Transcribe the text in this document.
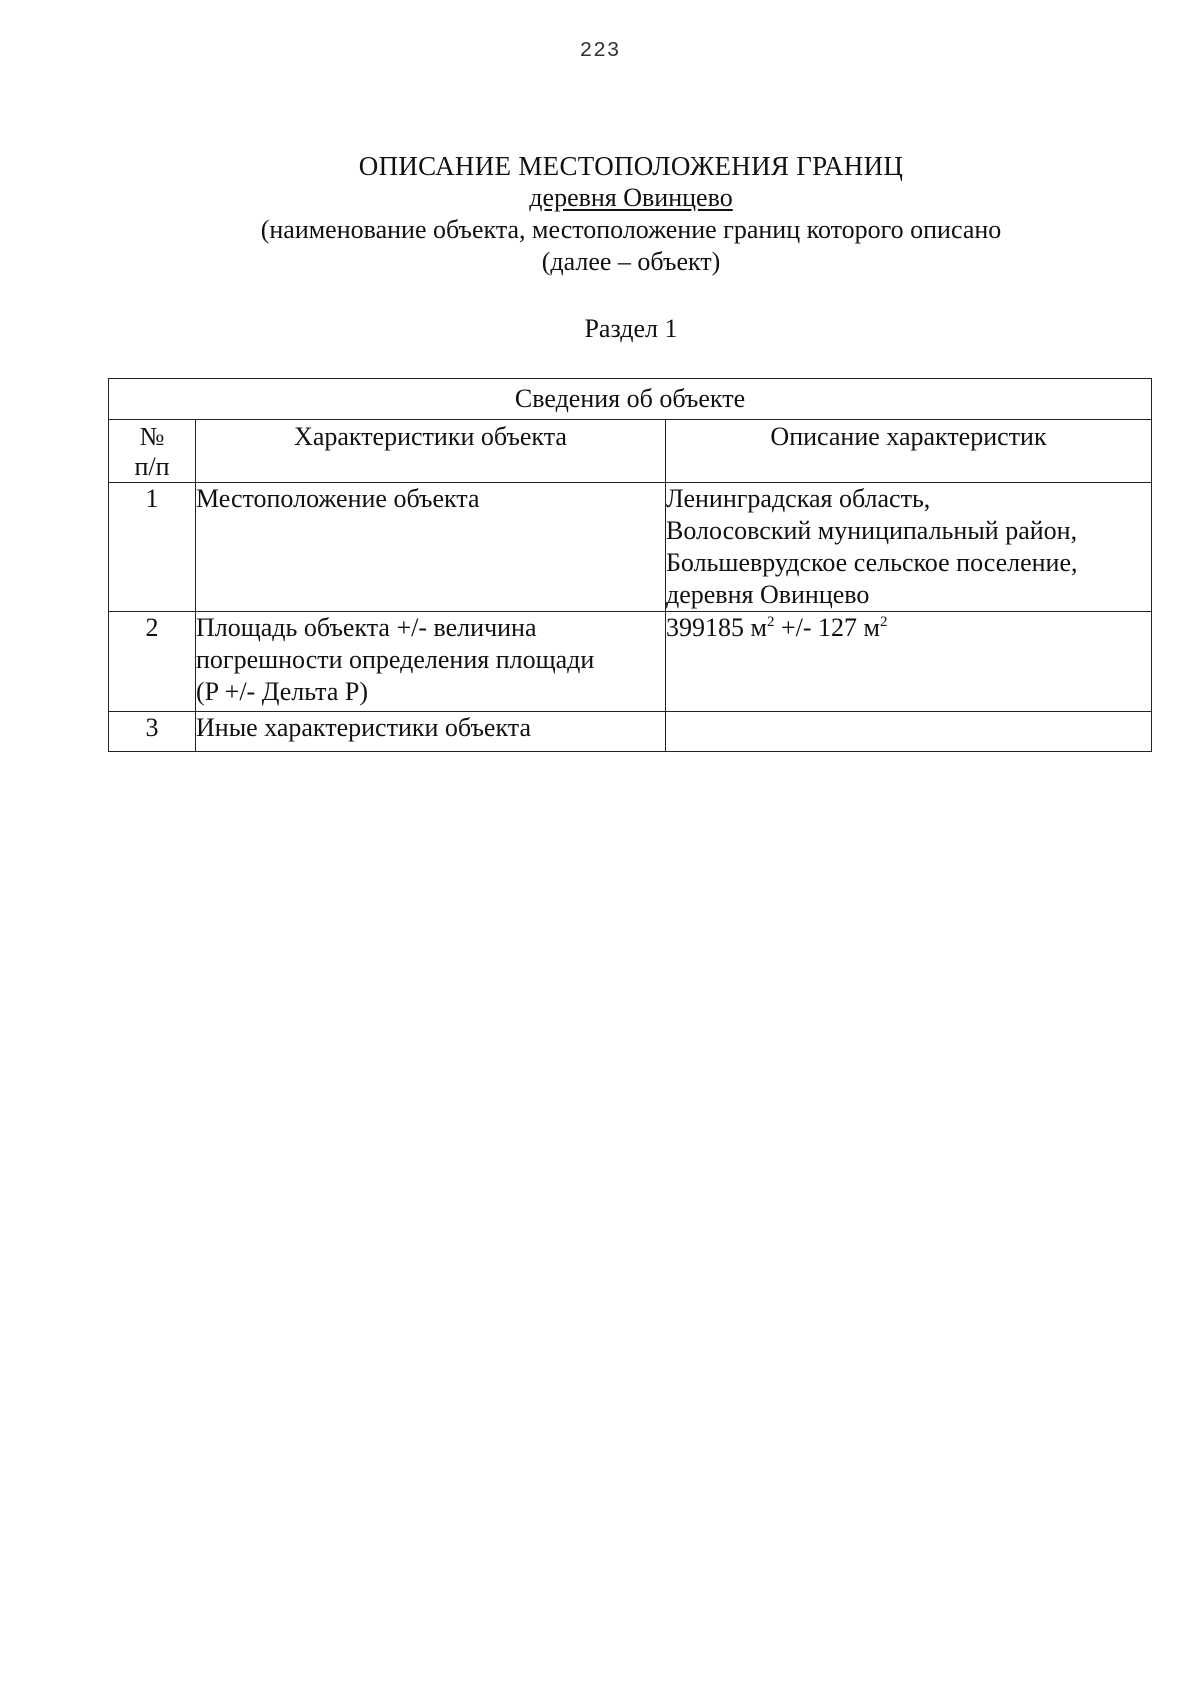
223
ОПИСАНИЕ МЕСТОПОЛОЖЕНИЯ ГРАНИЦ
деревня Овинцево
(наименование объекта, местоположение границ которого описано
(далее – объект)
Раздел 1
Сведения об объекте		

№
п/п	Характеристики объекта	Описание характеристик
1	Местоположение объекта	Ленинградская область,
Волосовский муниципальный район,
Большеврудское сельское поселение,
деревня Овинцево

2	Площадь объекта +/- величина
погрешности определения площади
(P +/- Дельта P)	399185 $м^2$ +/- 127 $м^2$

3	Иные характеристики объекта	
